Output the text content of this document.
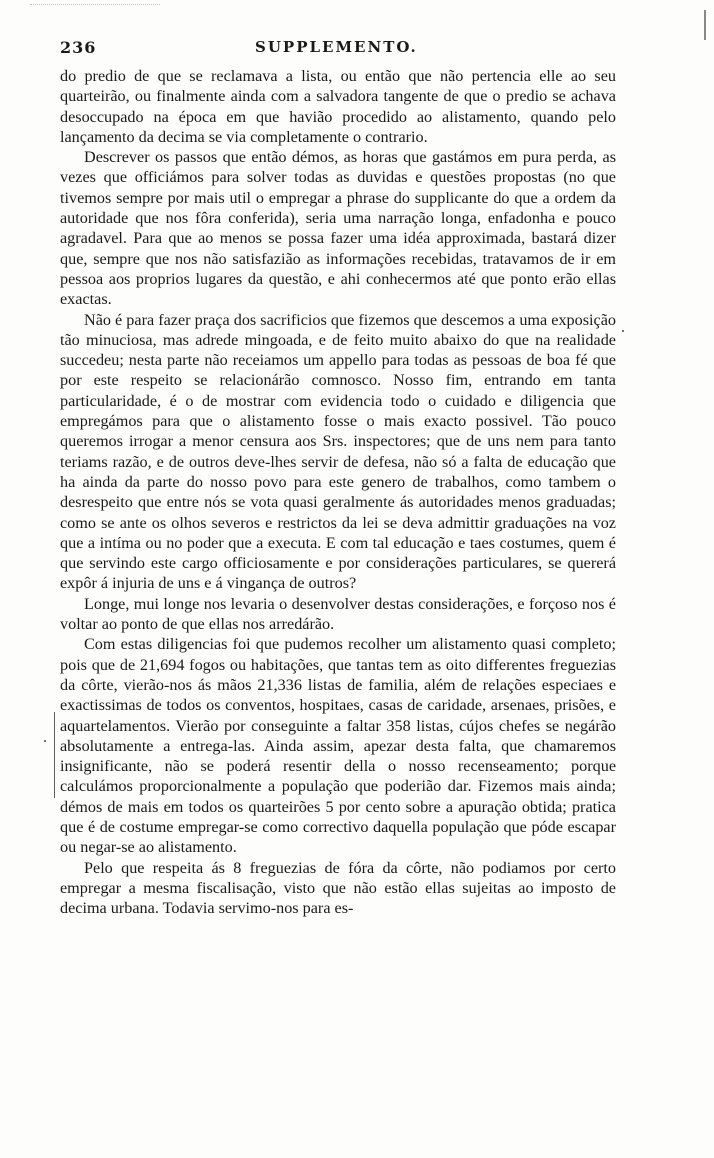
236	SUPPLEMENTO.

do predio de que se reclamava a lista, ou então que não pertencia elle ao seu quarteirão, ou finalmente ainda com a salvadora tangente de que o predio se achava desoccupado na época em que havião procedido ao alistamento, quando pelo lançamento da decima se via completamente o contrario.

Descrever os passos que então démos, as horas que gastámos em pura perda, as vezes que officiámos para solver todas as duvidas e questões propostas (no que tivemos sempre por mais util o empregar a phrase do supplicante do que a ordem da autoridade que nos fôra conferida), seria uma narração longa, enfadonha e pouco agradavel. Para que ao menos se possa fazer uma idéa approximada, bastará dizer que, sempre que nos não satisfazião as informações recebidas, tratavamos de ir em pessoa aos proprios lugares da questão, e ahi conhecermos até que ponto erão ellas exactas.

Não é para fazer praça dos sacrificios que fizemos que descemos a uma exposição tão minuciosa, mas adrede mingoada, e de feito muito abaixo do que na realidade succedeu; nesta parte não receiamos um appello para todas as pessoas de boa fé que por este respeito se relacionárão comnosco. Nosso fim, entrando em tanta particularidade, é o de mostrar com evidencia todo o cuidado e diligencia que empregámos para que o alistamento fosse o mais exacto possivel. Tão pouco queremos irrogar a menor censura aos Srs. inspectores; que de uns nem para tanto teriams razão, e de outros deve-lhes servir de defesa, não só a falta de educação que ha ainda da parte do nosso povo para este genero de trabalhos, como tambem o desrespeito que entre nós se vota quasi geralmente ás autoridades menos graduadas; como se ante os olhos severos e restrictos da lei se deva admittir graduações na voz que a intíma ou no poder que a executa. E com tal educação e taes costumes, quem é que servindo este cargo officiosamente e por considerações particulares, se quererá expôr á injuria de uns e á vingança de outros?

Longe, mui longe nos levaria o desenvolver destas considerações, e forçoso nos é voltar ao ponto de que ellas nos arredárão.

Com estas diligencias foi que pudemos recolher um alistamento quasi completo; pois que de 21,694 fogos ou habitações, que tantas tem as oito differentes freguezias da côrte, vierão-nos ás mãos 21,336 listas de familia, além de relações especiaes e exactissimas de todos os conventos, hospitaes, casas de caridade, arsenaes, prisões, e aquartelamentos. Vierão por conseguinte a faltar 358 listas, cújos chefes se negárão absolutamente a entrega-las. Ainda assim, apezar desta falta, que chamaremos insignificante, não se poderá resentir della o nosso recenseamento; porque calculámos proporcionalmente a população que poderião dar. Fizemos mais ainda; démos de mais em todos os quarteirões 5 por cento sobre a apuração obtida; pratica que é de costume empregar-se como correctivo daquella população que póde escapar ou negar-se ao alistamento.

Pelo que respeita ás 8 freguezias de fóra da côrte, não podiamos por certo empregar a mesma fiscalisação, visto que não estão ellas sujeitas ao imposto de decima urbana. Todavia servimo-nos para es-
